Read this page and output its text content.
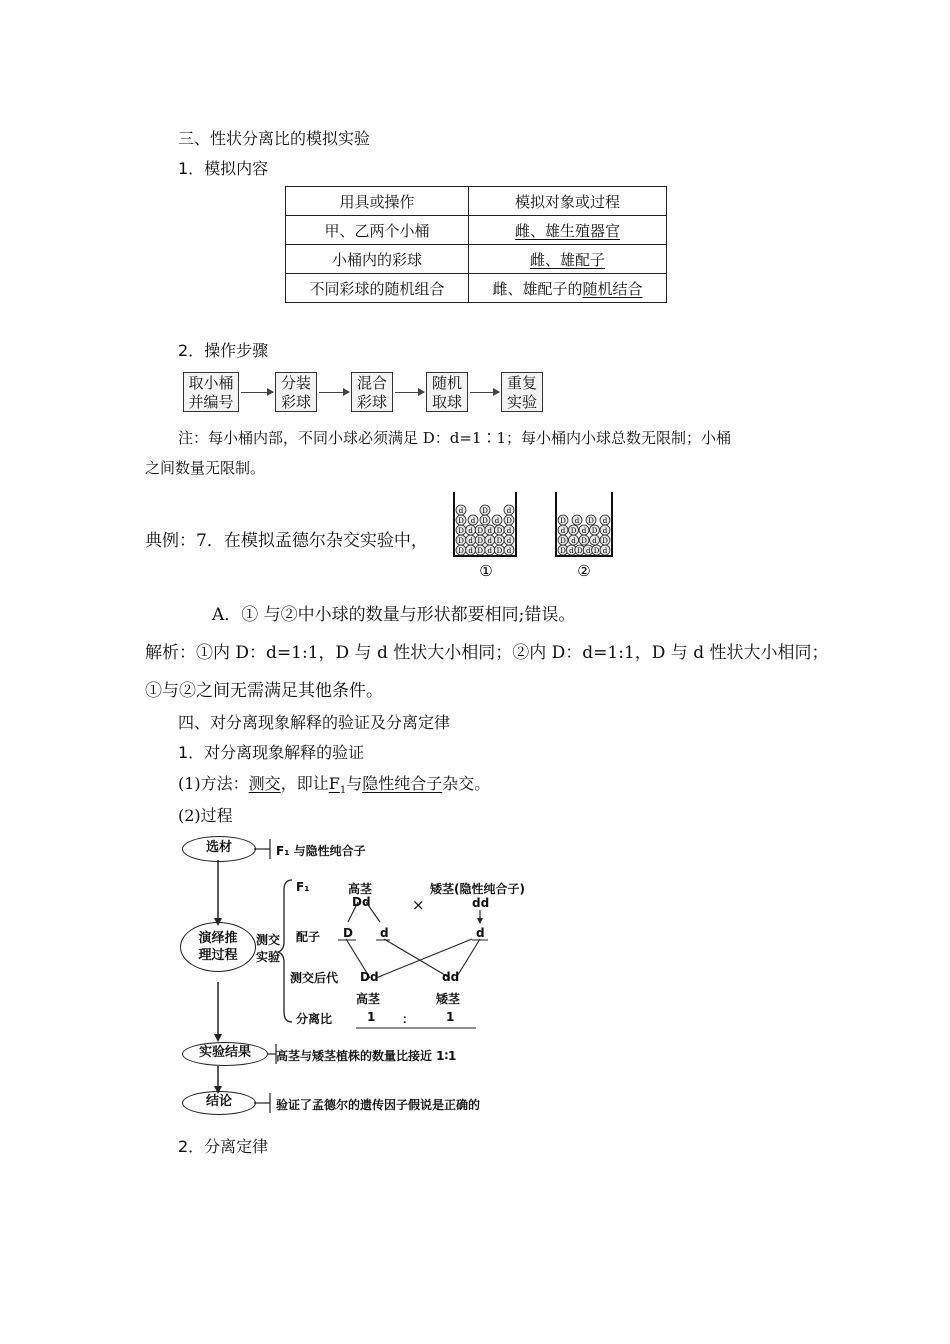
三、性状分离比的模拟实验
1．模拟内容
用具或操作	模拟对象或过程
甲、乙两个小桶	雌、雄生殖器官
小桶内的彩球	雌、雄配子
不同彩球的随机组合	雌、雄配子的随机结合
2．操作步骤
取小桶
并编号
分装
彩球
混合
彩球
随机
取球
重复
实验
注：每小桶内部，不同小球必须满足 D：d=1∶1；每小桶内小球总数无限制；小桶
之间数量无限制。
典例：7．在模拟孟德尔杂交实验中，	D d D d D d
D d D d D d
D d D d D d
D d D d D
d	D	d
①
D d D d D d
D d D d D
d D d D d
D d D d
②
A．① 与②中小球的数量与形状都要相同;错误。
解析：①内 D：d=1:1，D 与 d 性状大小相同；②内 D：d=1:1，D 与 d 性状大小相同；
①与②之间无需满足其他条件。
四、对分离现象解释的验证及分离定律
1．对分离现象解释的验证
(1)方法：测交，即让$F_1$与隐性纯合子杂交。
(2)过程
选材	F₁ 与隐性纯合子
演绎推
理过程
测交
实验
F₁	高茎	矮茎(隐性纯合子)
Dd	×	dd
配子 D d	d
测交后代 Dd	dd
高茎	矮茎
分离比	1 ：	1
实验结果	高茎与矮茎植株的数量比接近 1∶1
结论	验证了孟德尔的遗传因子假说是正确的
2．分离定律
